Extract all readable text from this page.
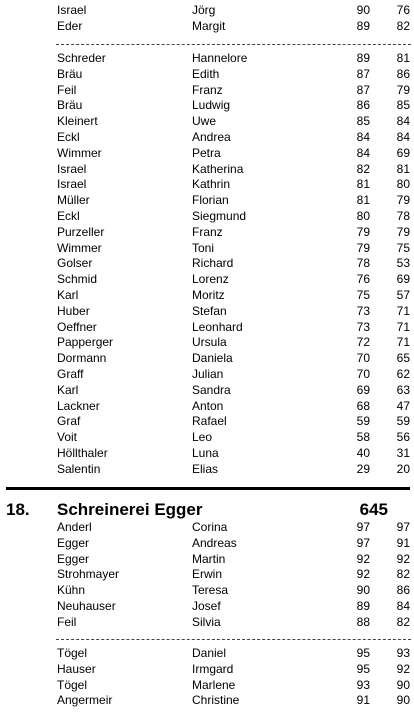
Israel	Jörg	90 76
Eder	Margit	89 82
Schreder	Hannelore	89 81
Bräu	Edith	87 86
Feil	Franz	87 79
Bräu	Ludwig	86 85
Kleinert	Uwe	85 84
Eckl	Andrea	84 84
Wimmer	Petra	84 69
Israel	Katherina	82 81
Israel	Kathrin	81 80
Müller	Florian	81 79
Eckl	Siegmund	80 78
Purzeller	Franz	79 79
Wimmer	Toni	79 75
Golser	Richard	78 53
Schmid	Lorenz	76 69
Karl	Moritz	75 57
Huber	Stefan	73 71
Oeffner	Leonhard	73 71
Papperger	Ursula	72 71
Dormann	Daniela	70 65
Graff	Julian	70 62
Karl	Sandra	69 63
Lackner	Anton	68 47
Graf	Rafael	59 59
Voit	Leo	58 56
Höllthaler	Luna	40 31
Salentin	Elias	29 20
18. Schreinerei Egger	645
Anderl	Corina	97 97
Egger	Andreas	97 91
Egger	Martin	92 92
Strohmayer	Erwin	92 82
Kühn	Teresa	90 86
Neuhauser	Josef	89 84
Feil	Silvia	88 82
Tögel	Daniel	95 93
Hauser	Irmgard	95 92
Tögel	Marlene	93 90
Angermeir	Christine	91 90
